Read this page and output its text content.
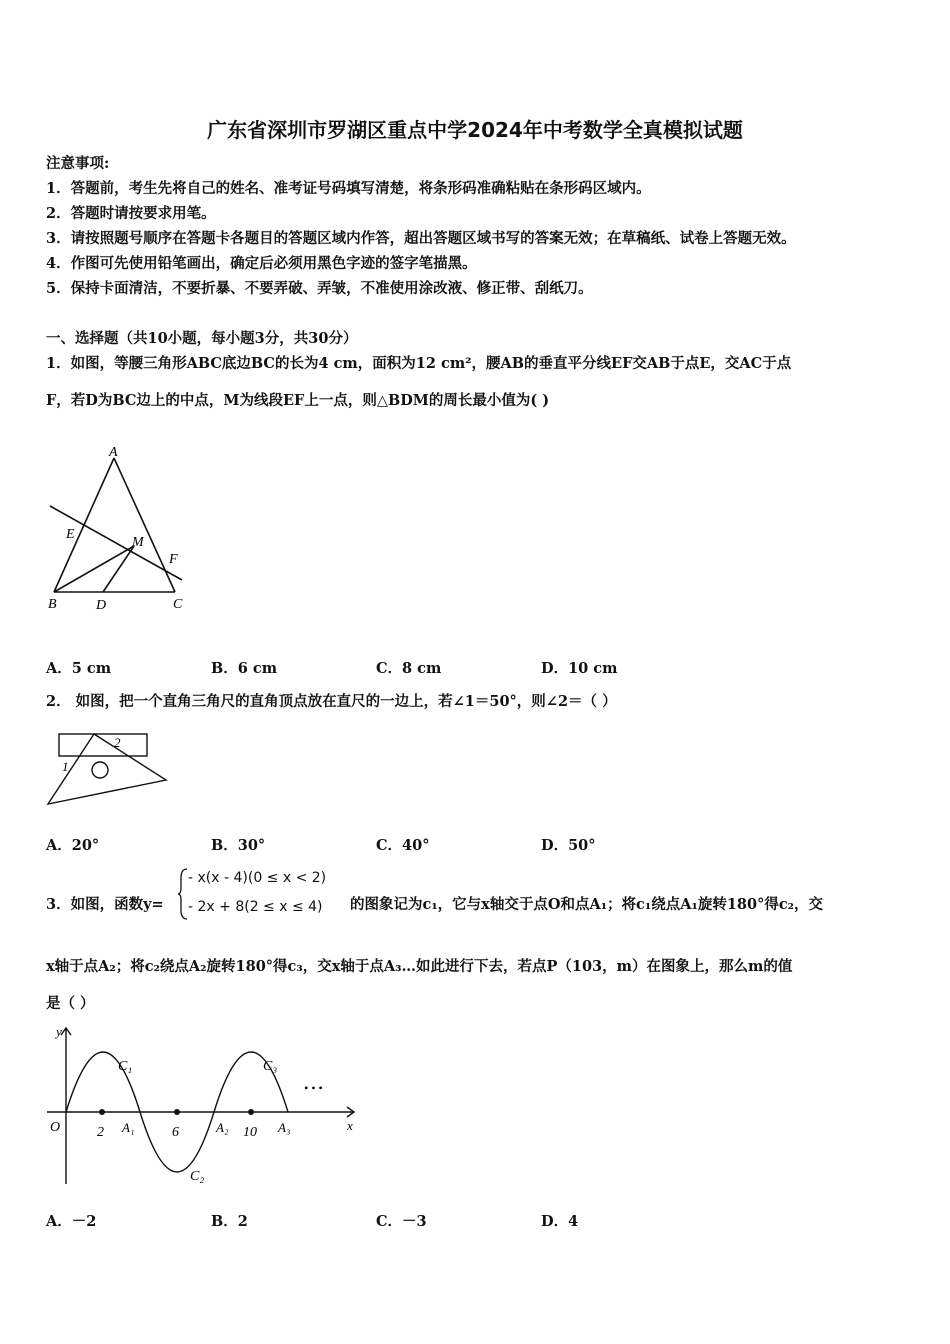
广东省深圳市罗湖区重点中学2024年中考数学全真模拟试题
注意事项:
1．答题前，考生先将自己的姓名、准考证号码填写清楚，将条形码准确粘贴在条形码区域内。
2．答题时请按要求用笔。
3．请按照题号顺序在答题卡各题目的答题区域内作答，超出答题区域书写的答案无效；在草稿纸、试卷上答题无效。
4．作图可先使用铅笔画出，确定后必须用黑色字迹的签字笔描黑。
5．保持卡面清洁，不要折暴、不要弄破、弄皱，不准使用涂改液、修正带、刮纸刀。
一、选择题（共10小题，每小题3分，共30分）
1．如图，等腰三角形ABC底边BC的长为4 cm，面积为12 cm²，腰AB的垂直平分线EF交AB于点E，交AC于点
F，若D为BC边上的中点，M为线段EF上一点，则△BDM的周长最小值为( )
A
B	C
D
E
F
M
A．5 cm	B．6 cm	C．8 cm	D．10 cm
2． 如图，把一个直角三角尺的直角顶点放在直尺的一边上，若∠1＝50°，则∠2＝（ ）
1
2
A．20°	B．30°	C．40°	D．50°
3．如图，函数y=
- x(x - 4)(0 ≤ x < 2)
- 2x + 8(2 ≤ x ≤ 4) 的图象记为c₁，它与x轴交于点O和点A₁；将c₁绕点A₁旋转180°得c₂，交
x轴于点A₂；将c₂绕点A₂旋转180°得c₃，交x轴于点A₃…如此进行下去，若点P（103，m）在图象上，那么m的值
是（ ）
y
x
O	2	6	10
A₁	A₂	A₃
C₁
C₂
C₃
• • •
A．－2	B．2	C．－3	D．4
